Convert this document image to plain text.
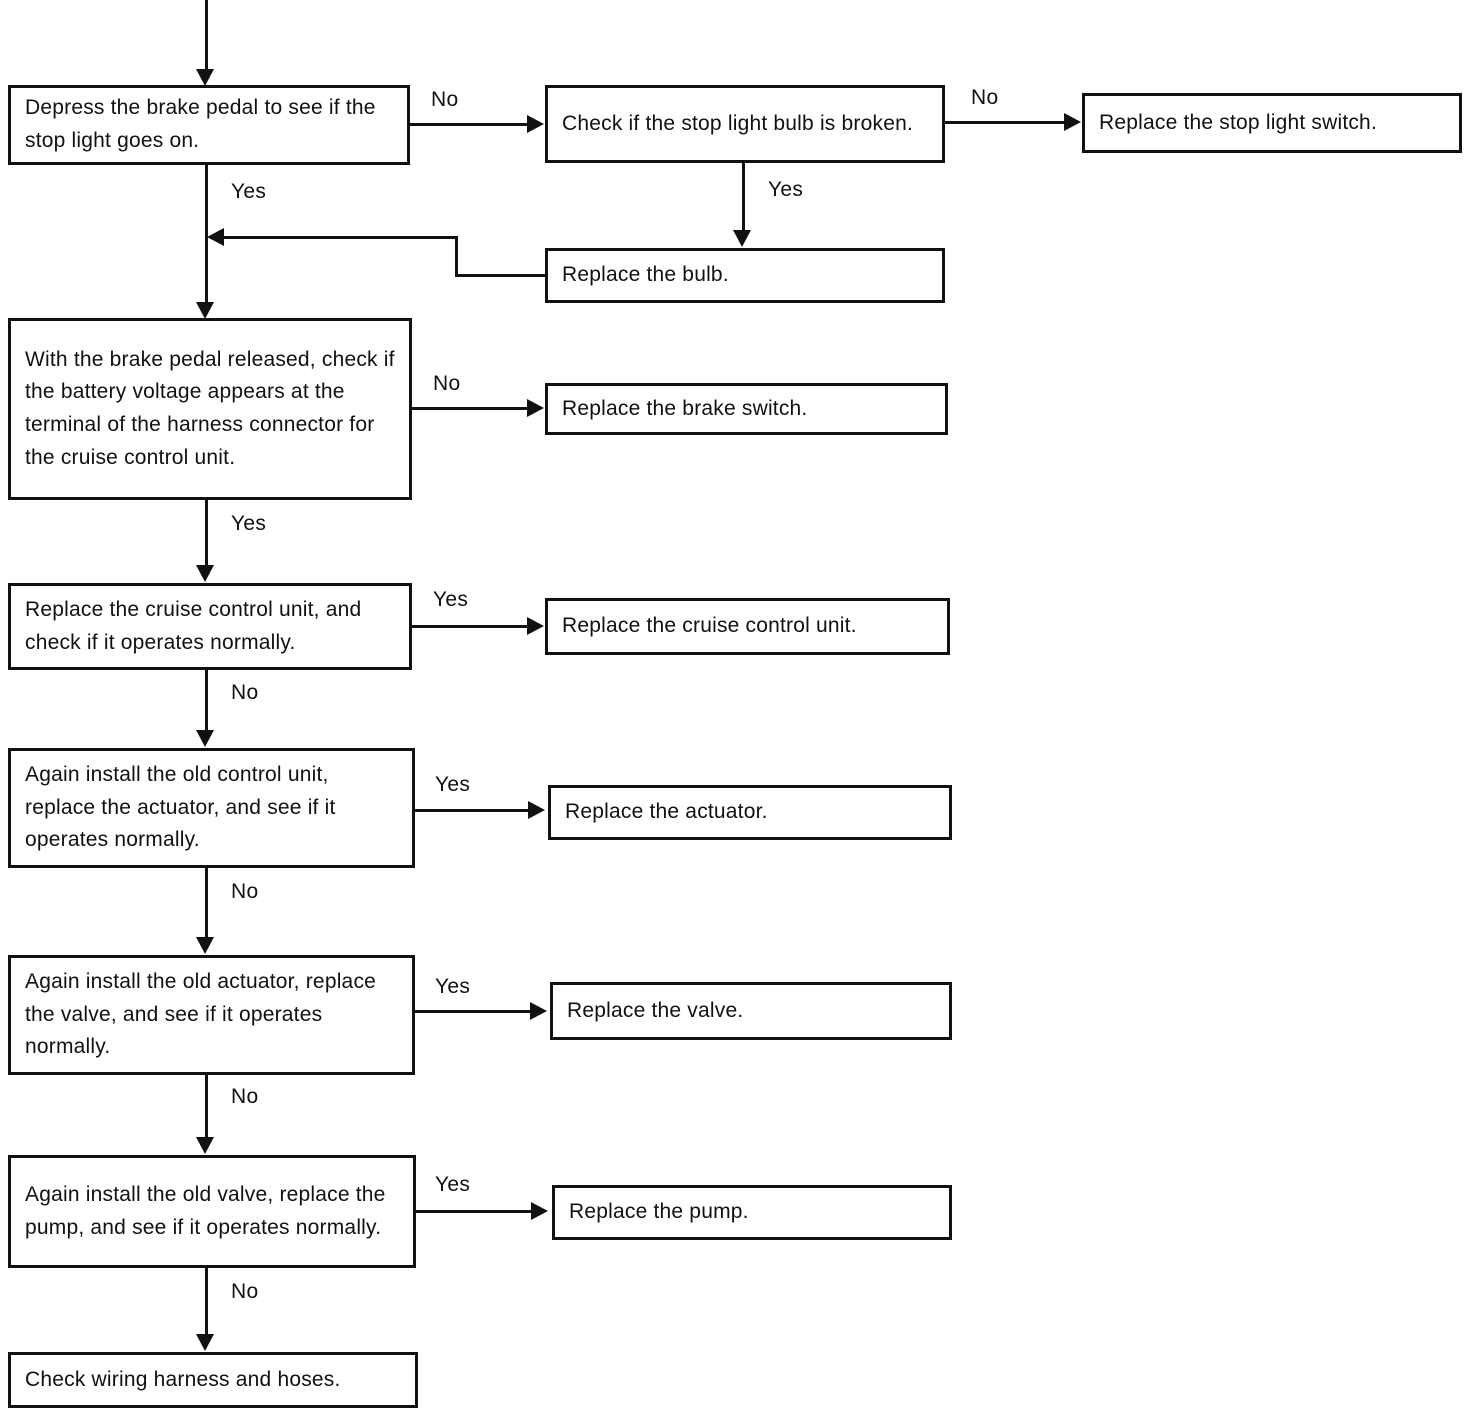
Depress the brake pedal to see if the stop light goes on.
No
Check if the stop light bulb is broken.
No
Replace the stop light switch.
Yes
Replace the bulb.
Yes
With the brake pedal released, check if the battery voltage appears at the terminal of the harness connector for the cruise control unit.
No
Replace the brake switch.
Yes
Replace the cruise control unit, and check if it operates normally.
Yes
Replace the cruise control unit.
No
Again install the old control unit, replace the actuator, and see if it operates normally.
Yes
Replace the actuator.
No
Again install the old actuator, replace the valve, and see if it operates normally.
Yes
Replace the valve.
No
Again install the old valve, replace the pump, and see if it operates normally.
Yes
Replace the pump.
No
Check wiring harness and hoses.
